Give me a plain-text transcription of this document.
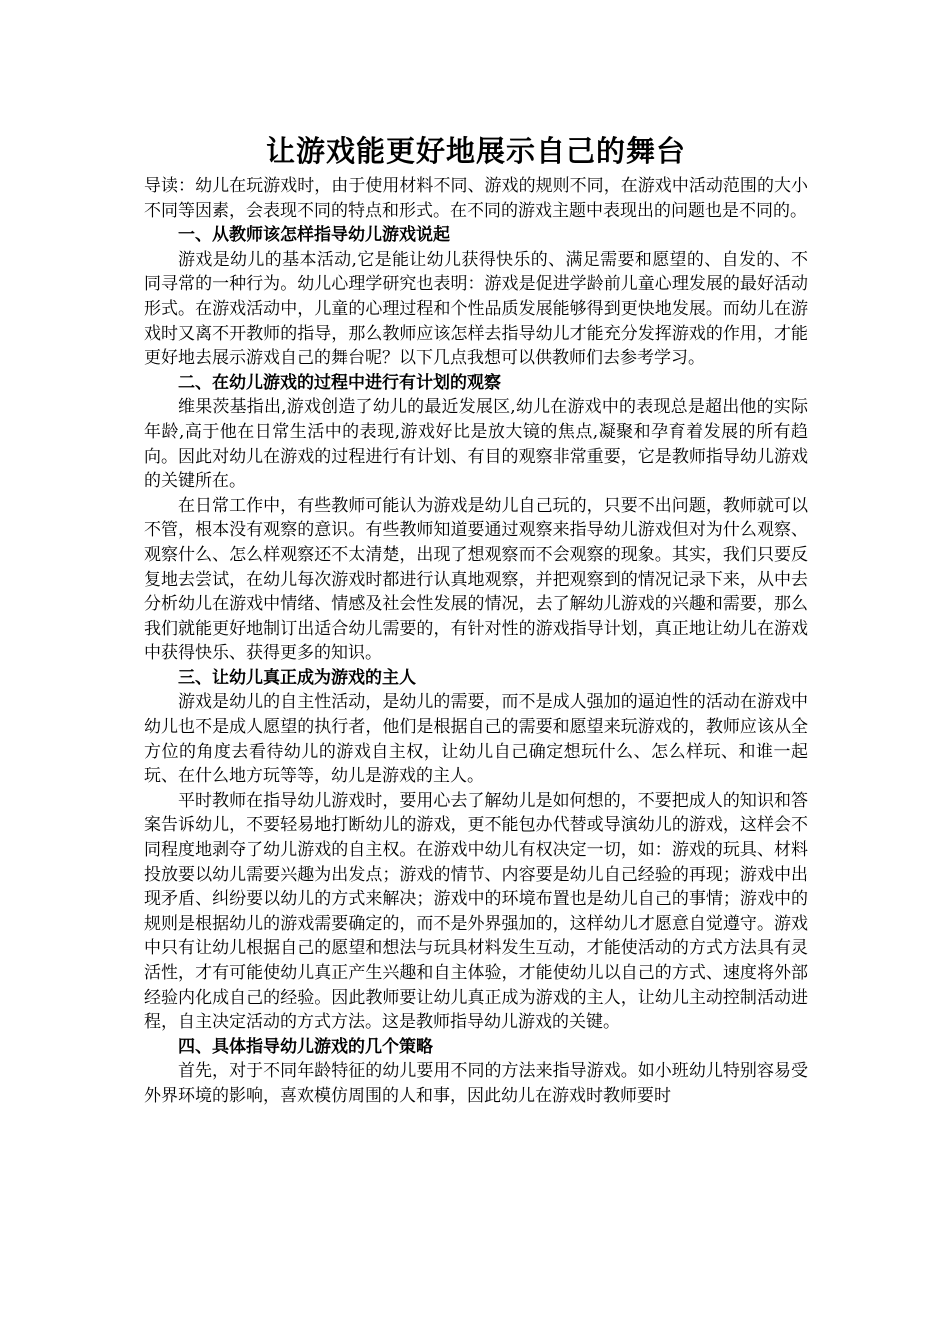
让游戏能更好地展示自己的舞台

导读：幼儿在玩游戏时，由于使用材料不同、游戏的规则不同，在游戏中活动范围的大小不同等因素，会表现不同的特点和形式。在不同的游戏主题中表现出的问题也是不同的。

一、从教师该怎样指导幼儿游戏说起

游戏是幼儿的基本活动,它是能让幼儿获得快乐的、满足需要和愿望的、自发的、不同寻常的一种行为。幼儿心理学研究也表明：游戏是促进学龄前儿童心理发展的最好活动形式。在游戏活动中，儿童的心理过程和个性品质发展能够得到更快地发展。而幼儿在游戏时又离不开教师的指导，那么教师应该怎样去指导幼儿才能充分发挥游戏的作用，才能更好地去展示游戏自己的舞台呢？以下几点我想可以供教师们去参考学习。

二、在幼儿游戏的过程中进行有计划的观察

维果茨基指出,游戏创造了幼儿的最近发展区,幼儿在游戏中的表现总是超出他的实际年龄,高于他在日常生活中的表现,游戏好比是放大镜的焦点,凝聚和孕育着发展的所有趋向。因此对幼儿在游戏的过程进行有计划、有目的观察非常重要，它是教师指导幼儿游戏的关键所在。

在日常工作中，有些教师可能认为游戏是幼儿自己玩的，只要不出问题，教师就可以不管，根本没有观察的意识。有些教师知道要通过观察来指导幼儿游戏但对为什么观察、观察什么、怎么样观察还不太清楚，出现了想观察而不会观察的现象。其实，我们只要反复地去尝试，在幼儿每次游戏时都进行认真地观察，并把观察到的情况记录下来，从中去分析幼儿在游戏中情绪、情感及社会性发展的情况，去了解幼儿游戏的兴趣和需要，那么我们就能更好地制订出适合幼儿需要的，有针对性的游戏指导计划，真正地让幼儿在游戏中获得快乐、获得更多的知识。

三、让幼儿真正成为游戏的主人

游戏是幼儿的自主性活动，是幼儿的需要，而不是成人强加的逼迫性的活动在游戏中幼儿也不是成人愿望的执行者，他们是根据自己的需要和愿望来玩游戏的，教师应该从全方位的角度去看待幼儿的游戏自主权，让幼儿自己确定想玩什么、怎么样玩、和谁一起玩、在什么地方玩等等，幼儿是游戏的主人。

平时教师在指导幼儿游戏时，要用心去了解幼儿是如何想的，不要把成人的知识和答案告诉幼儿，不要轻易地打断幼儿的游戏，更不能包办代替或导演幼儿的游戏，这样会不同程度地剥夺了幼儿游戏的自主权。在游戏中幼儿有权决定一切，如：游戏的玩具、材料投放要以幼儿需要兴趣为出发点；游戏的情节、内容要是幼儿自己经验的再现；游戏中出现矛盾、纠纷要以幼儿的方式来解决；游戏中的环境布置也是幼儿自己的事情；游戏中的规则是根据幼儿的游戏需要确定的，而不是外界强加的，这样幼儿才愿意自觉遵守。游戏中只有让幼儿根据自己的愿望和想法与玩具材料发生互动，才能使活动的方式方法具有灵活性，才有可能使幼儿真正产生兴趣和自主体验，才能使幼儿以自己的方式、速度将外部经验内化成自己的经验。因此教师要让幼儿真正成为游戏的主人，让幼儿主动控制活动进程，自主决定活动的方式方法。这是教师指导幼儿游戏的关键。

四、具体指导幼儿游戏的几个策略

首先，对于不同年龄特征的幼儿要用不同的方法来指导游戏。如小班幼儿特别容易受外界环境的影响，喜欢模仿周围的人和事，因此幼儿在游戏时教师要时
